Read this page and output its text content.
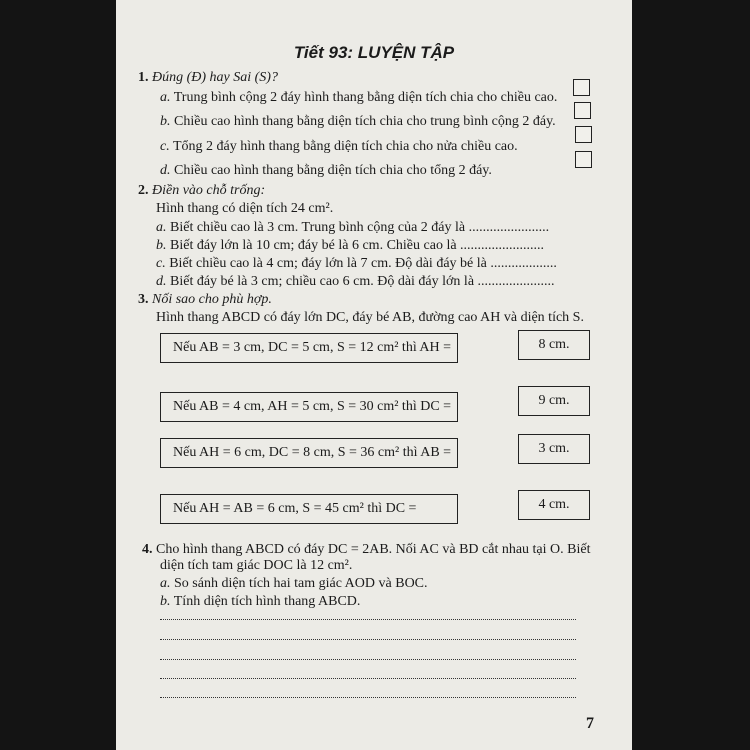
Tiết 93: LUYỆN TẬP
1. Đúng (Đ) hay Sai (S)?
a. Trung bình cộng 2 đáy hình thang bằng diện tích chia cho chiều cao.
b. Chiều cao hình thang bằng diện tích chia cho trung bình cộng 2 đáy.
c. Tổng 2 đáy hình thang bằng diện tích chia cho nửa chiều cao.
d. Chiều cao hình thang bằng diện tích chia cho tổng 2 đáy.
2. Điền vào chỗ trống:
Hình thang có diện tích 24 cm².
a. Biết chiều cao là 3 cm. Trung bình cộng của 2 đáy là .......................
b. Biết đáy lớn là 10 cm; đáy bé là 6 cm. Chiều cao là ........................
c. Biết chiều cao là 4 cm; đáy lớn là 7 cm. Độ dài đáy bé là ...................
d. Biết đáy bé là 3 cm; chiều cao 6 cm. Độ dài đáy lớn là ......................
3. Nối sao cho phù hợp.
Hình thang ABCD có đáy lớn DC, đáy bé AB, đường cao AH và diện tích S.
Nếu AB = 3 cm, DC = 5 cm, S = 12 cm² thì AH =
Nếu AB = 4 cm, AH = 5 cm, S = 30 cm² thì DC =
Nếu AH = 6 cm, DC = 8 cm, S = 36 cm² thì AB =
Nếu AH = AB = 6 cm, S = 45 cm² thì DC =
8 cm.
9 cm.
3 cm.
4 cm.
4. Cho hình thang ABCD có đáy DC = 2AB. Nối AC và BD cắt nhau tại O. Biết
diện tích tam giác DOC là 12 cm².
a. So sánh diện tích hai tam giác AOD và BOC.
b. Tính diện tích hình thang ABCD.
7
